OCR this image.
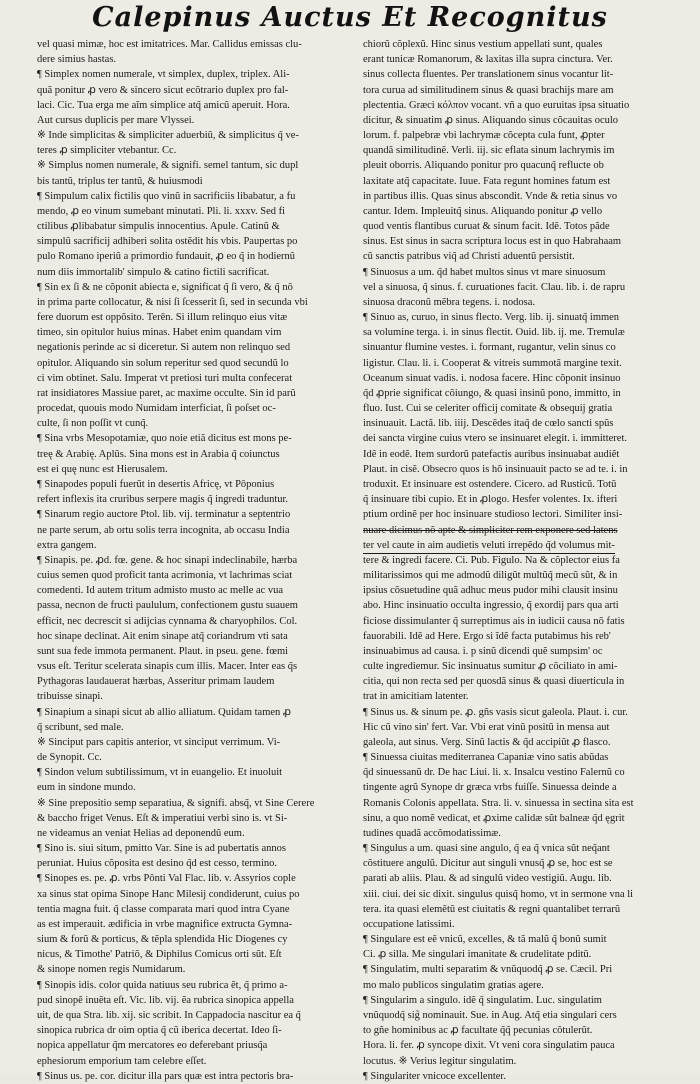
Calepinus Auctus Et Recognitus
vel quasi mimæ, hoc est imitatrices. Mar. Callidus emissas clu-
dere simius hastas.
¶ Simplex nomen numerale, vt simplex, duplex, triplex. Ali-
quã ponitur ꝓ vero & sincero sicut ecõtrario duplex pro fal-
laci. Cic. Tua erga me aĩm simplice atq̃ amicũ aperuit. Hora.
Aut cursus duplicis per mare Vlyssei.
※ Inde simplicitas & simpliciter aduerbiũ, & simplicitus q̃ ve-
teres ꝓ simpliciter vtebantur. Cc.
※ Simplus nomen numerale, & signifi. semel tantum, sic dupl
bis tantũ, triplus ter tantũ, & huiusmodi
¶ Simpulum calix fictilis quo vinũ in sacrificiis libabatur, a fu
mendo, ꝓ eo vinum sumebant minutati. Pli. li. xxxv. Sed fi
ctilibus ꝓlibabatur simpulis innocentius. Apule. Catinũ &
simpulũ sacrificij adhiberi solita ostẽdit his vbis. Paupertas po
pulo Romano iperiũ a primordio fundauit, ꝓ eo q̃ in hodiernũ
num diis immortalib' simpulo & catino fictili sacrificat.
¶ Sin ex ſi & ne cõponit abiecta e, significat q̃ ſi vero, & q̃ nõ
in prima parte collocatur, & nisi ſi ſcesserit ſi, sed in secunda vbi
fere duorum est oppõsito. Terēn. Si illum relinquo eius vitæ
timeo, sin opitulor huius minas. Habet enim quandam vim
negationis perinde ac si diceretur. Si autem non relinquo sed
opitulor. Aliquando sin solum reperitur sed quod secundũ lo
ci vim obtinet. Salu. Imperat vt pretiosi turi multa confecerat
rat insidiatores Massiue paret, ac maxime occulte. Sin id parũ
procedat, quouis modo Numidam interficiat, ſi poſset oc-
culte, ſi non poſſit vt cunq̃.
¶ Sina vrbs Mesopotamiæ, quo noie etiã dicitus est mons pe-
treę & Arabię. Aplũs. Sina mons est in Arabia q̃ coiunctus
est ei quę nunc est Hierusalem.
¶ Sinapodes populi fuerũt in desertis Africę, vt Pôponius
refert inflexis ita cruribus serpere magis q̃ ingredi traduntur.
¶ Sinarum regio auctore Ptol. lib. vij. terminatur a septentrio
ne parte serum, ab ortu solis terra incognita, ab occasu India
extra gangem.
¶ Sinapis. pe. ꝓd. fœ. gene. & hoc sinapi indeclinabile, hærba
cuius semen quod proficit tanta acrimonia, vt lachrimas sciat
comedenti. Id autem tritum admisto musto ac melle ac vua
passa, necnon de fructi paululum, confectionem gustu suauem
efficit, nec decrescit si adijcias cynnama & charyophilos. Col.
hoc sinape declinat. Ait enim sinape atq̃ coriandrum vti sata
sunt sua fede immota permanent. Plaut. in pseu. gene. fœmi
vsus eſt. Teritur scelerata sinapis cum illis. Macer. Inter eas q̃s
Pythagoras laudauerat hærbas, Asseritur primam laudem
tribuisse sinapi.
¶ Sinapium a sinapi sicut ab allio alliatum. Quidam tamen ꝓ
q̃ scribunt, sed male.
※ Sinciput pars capitis anterior, vt sinciput verrimum. Vi-
de Synopit. Cc.
¶ Sindon velum subtilissimum, vt in euangelio. Et inuoluit
eum in sindone mundo.
※ Sine prepositio semp separatiua, & signifi. absq̃, vt Sine Cerere
& baccho friget Venus. Eſt & imperatiui verbi sino is. vt Si-
ne videamus an veniat Helias ad deponendũ eum.
¶ Sino is. siui situm, pmitto Var. Sine is ad pubertatis annos
peruniat. Huius cõposita est desino q̃d est cesso, termino.
¶ Sinopes es. pe. ꝓ. vrbs Pônti Val Flac. lib. v. Assyrios cople
xa sinus stat opima Sinope Hanc Milesij condiderunt, cuius po
tentia magna fuit. q̃ classe comparata mari quod intra Cyane
as est imperauit. ædificia in vrbe magnifice extructa Gymna-
sium & forũ & porticus, & tẽpla splendida Hic Diogenes cy
nicus, & Timothe' Patriõ, & Diphilus Comicus orti sũt. Eſt
& sinope nomen regis Numidarum.
¶ Sinopis idis. color quida natiuus seu rubrica ẽt, q̃ primo a-
pud sinopẽ inuẽta eſt. Vic. lib. vij. ẽa rubrica sinopica appella
uit, de qua Stra. lib. xij. sic scribit. In Cappadocia nascitur ea q̃
sinopica rubrica dr oim optia q̃ cũ iberica decertat. Ideo ſi-
nopica appellatur q̃m mercatores eo deferebant priusq̃a
ephesiorum emporium tam celebre eſſet.
¶ Sinus us. pe. cor. dicitur illa pars quæ est intra pectoris bra-
chiorũ cõplexũ. Hinc sinus vestium appellati sunt, quales
erant tunicæ Romanorum, & laxitas illa supra cinctura. Ver.
sinus collecta fluentes. Per translationem sinus vocantur lit-
tora curua ad similitudinem sinus & quasi brachijs mare am
plectentia. Græci ĸόλπον vocant. vñ a quo euruitas ipsa situatio
dicitur, & sinuatim ꝓ sinus. Aliquando sinus cõcauitas oculo
lorum. f. palpebræ vbi lachrymæ cõcepta cula funt, ꝓpter
quandã similitudinẽ. Verli. iij. sic eflata sinum lachrymis im
pleuit oborris. Aliquando ponitur pro quacunq̃ reflucte ob
laxitate atq̃ capacitate. Iuue. Fata regunt homines fatum est
in partibus illis. Quas sinus abscondit. Vnde & retia sinus vo
cantur. Idem. Impleuitq̃ sinus. Aliquando ponitur ꝓ vello
quod ventis flantibus curuat & sinum facit. Idẽ. Totos pãde
sinus. Est sinus in sacra scriptura locus est in quo Habrahaam
cũ sanctis patribus viq̃ ad Christi aduentũ persistit.
¶ Sinuosus a um. q̃d habet multos sinus vt mare sinuosum
vel a sinuosa, q̃ sinus. f. curuationes facit. Clau. lib. i. de rapru
sinuosa draconũ mẽbra tegens. i. nodosa.
¶ Sinuo as, curuo, in sinus flecto. Verg. lib. ij. sinuatq̃ immen
sa volumine terga. i. in sinus flectit. Ouid. lib. ij. me. Tremulæ
sinuantur flumine vestes. i. formant, rugantur, velin sinus co
ligistur. Clau. li. i. Cooperat & vitreis summotã margine texit.
Oceanum sinuat vadis. i. nodosa facere. Hinc cõponit insinuo
q̃d ꝓprie significat cõiungo, & quasi insinũ pono, immitto, in
fluo. Iust. Cui se celeriter officij comitate & obsequij gratia
insinuauit. Lactã. lib. iiij. Descẽdes itaq̃ de cœlo sancti spũs
dei sancta virgine cuius vtero se insinuaret elegit. i. immitteret.
Idẽ in eodẽ. Item surdorũ patefactis auribus insinuabat audiẽt
Plaut. in cisẽ. Obsecro quos is hõ insinuauit pacto se ad te. i. in
troduxit. Et insinuare est ostendere. Cicero. ad Rusticũ. Totũ
q̃ insinuare tibi cupio. Et in ꝓlogo. Hesfer volentes. Ix. ifteri
ptium ordinẽ per hoc insinuare studioso lectori. Similiter insi-
nuare dicimus nõ apte & simpliciter rem exponere sed latens
ter vel caute in aim audietis veluti irrepẽdo q̃d volumus mit-
tere & ingredi facere. Ci. Pub. Figulo. Na & cõplector eius fa
militarissimos qui me admodũ diligũt multũq̃ mecũ sũt, & in
ipsius cõsuetudine quã adhuc meus pudor mihi clausit insinu
abo. Hinc insinuatio occulta ingressio, q̃ exordij pars qua arti
ficiose dissimulanter q̃ surreptimus ais in iudicii causa nõ fatis
fauorabili. Idẽ ad Here. Ergo si ĩdẽ facta putabimus his reb'
insinuabimus ad causa. i. p sinũ dicendi quẽ sumpsim' oc
culte ingrediemur. Sic insinuatus sumitur ꝓ cõciliato in ami-
citia, qui non recta sed per quosdã sinus & quasi diuerticula in
trat in amicitiam latenter.
¶ Sinus us. & sinum pe. ꝓ. gñs vasis sicut galeola. Plaut. i. cur.
Hic cũ vino sin' fert. Var. Vbi erat vinũ positũ in mensa aut
galeola, aut sinus. Verg. Sinũ lactis & q̃d accipiũt ꝓ flasco.
¶ Sinuessa ciuitas mediterranea Capaniæ vino satis abũdas
q̃d sinuessanũ dr. De hac Liui. li. x. Insalcu vestino Falernũ co
tingente agrũ Synope dr græca vrbs fuiſſe. Sinuessa deinde a
Romanis Colonis appellata. Stra. li. v. sinuessa in sectina sita est
sinu, a quo nomẽ vedicat, et ꝓxime calidæ sũt balneæ q̃d ęgrit
tudines quadã accõmodatissimæ.
¶ Singulus a um. quasi sine angulo, q̃ ea q̃ vnica sũt neq̃ant
cõstituere angulũ. Dicitur aut singuli vnusq̃ ꝓ se, hoc est se
parati ab aliis. Plau. & ad singulũ video vestigiũ. Augu. lib.
xiii. ciui. dei sic dixit. singulus quisq̃ homo, vt in sermone vna li
tera. ita quasi elemẽtũ est ciuitatis & regni quantalibet terrarũ
occupatione latissimi.
¶ Singulare est eẽ vnicũ, excelles, & tã malũ q̃ bonũ sumit
Ci. ꝓ silla. Me singulari imanitate & crudelitate pditũ.
¶ Singulatim, multi separatim & vnũquodq̃ ꝓ se. Cæcil. Pri
mo malo publicos singulatim gratias agere.
¶ Singularim a singulo. idẽ q̃ singulatim. Luc. singulatim
vnũquodq̃ sig̃ nominauit. Sue. in Aug. Atq̃ etia singulari cers
to gñe hominibus ac ꝓ facultate q̃q̃ pecunias cõtulerũt.
Hora. li. fer. ꝓ syncope dixit. Vt veni cora singulatim pauca
locutus. ※ Verius legitur singulatim.
¶ Singulariter vnicoce excellenter.
